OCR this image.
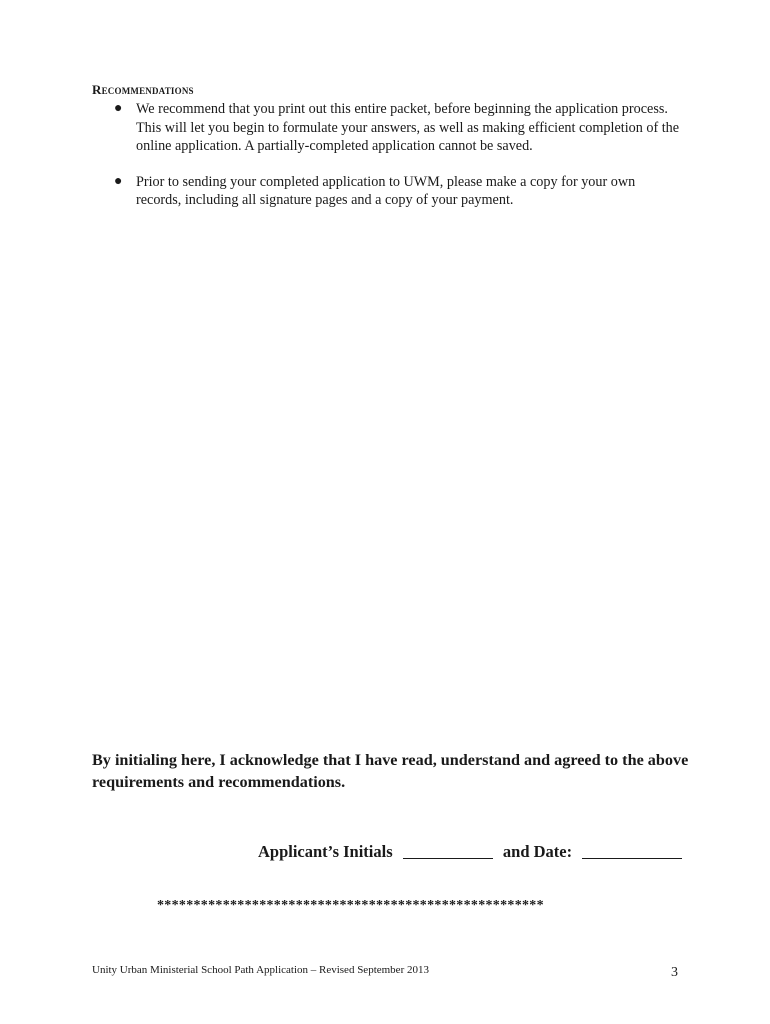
Recommendations
● We recommend that you print out this entire packet, before beginning the application process. This will let you begin to formulate your answers, as well as making efficient completion of the online application. A partially-completed application cannot be saved.
● Prior to sending your completed application to UWM, please make a copy for your own records, including all signature pages and a copy of your payment.

By initialing here, I acknowledge that I have read, understand and agreed to the above requirements and recommendations.

Applicant’s Initials	and Date:

*****************************************************

Unity Urban Ministerial School Path Application – Revised September 2013	3
